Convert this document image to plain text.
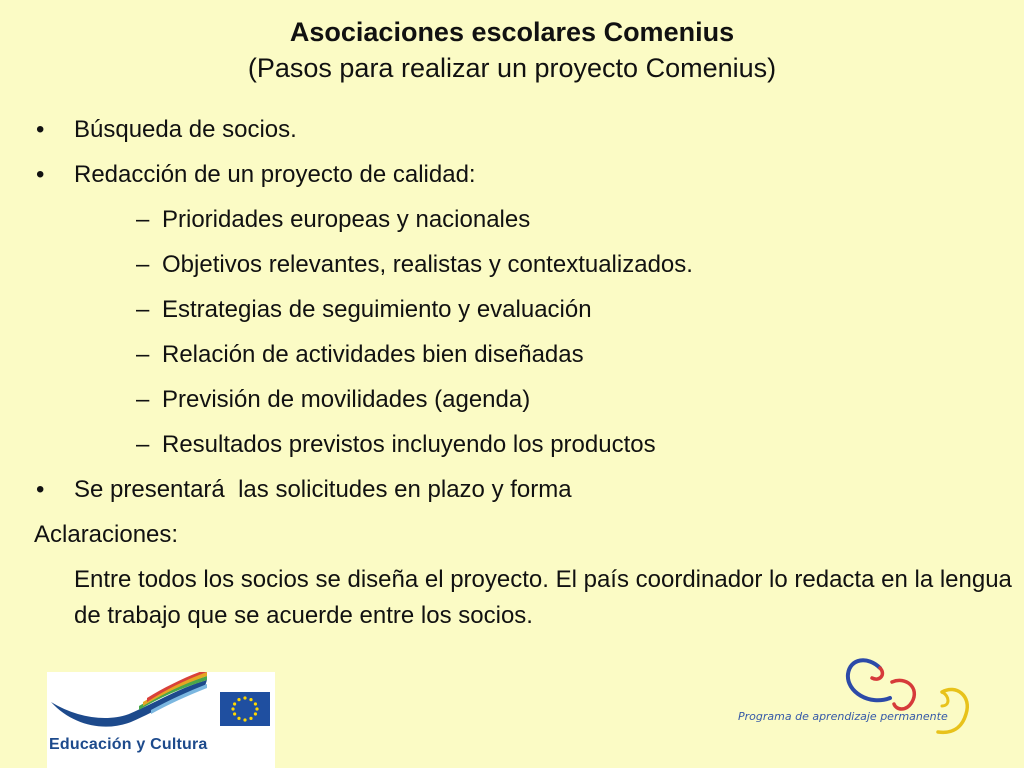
Asociaciones escolares Comenius
(Pasos para realizar un proyecto Comenius)
• Búsqueda de socios.
• Redacción de un proyecto de calidad:
– Prioridades europeas y nacionales
– Objetivos relevantes, realistas y contextualizados.
– Estrategias de seguimiento y evaluación
– Relación de actividades bien diseñadas
– Previsión de movilidades (agenda)
– Resultados previstos incluyendo los productos
• Se presentará  las solicitudes en plazo y forma
Aclaraciones:
Entre todos los socios se diseña el proyecto. El país coordinador lo redacta en la lengua de trabajo que se acuerde entre los socios.
Educación y Cultura
Programa de aprendizaje permanente
